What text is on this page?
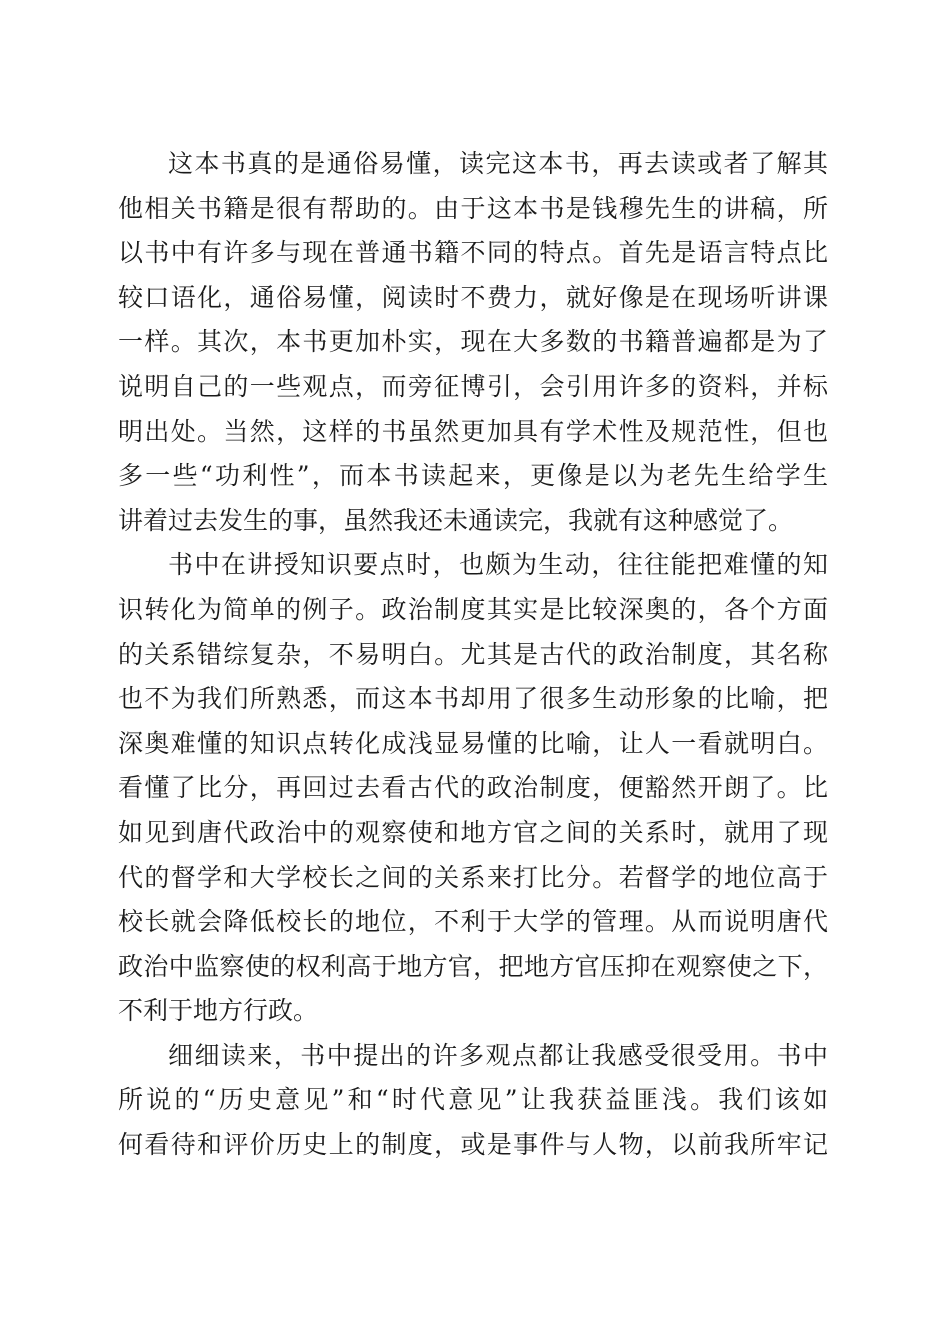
这本书真的是通俗易懂，读完这本书，再去读或者了解其
他相关书籍是很有帮助的。由于这本书是钱穆先生的讲稿，所
以书中有许多与现在普通书籍不同的特点。首先是语言特点比
较口语化，通俗易懂，阅读时不费力，就好像是在现场听讲课
一样。其次，本书更加朴实，现在大多数的书籍普遍都是为了
说明自己的一些观点，而旁征博引，会引用许多的资料，并标
明出处。当然，这样的书虽然更加具有学术性及规范性，但也
多一些“功利性”，而本书读起来，更像是以为老先生给学生
讲着过去发生的事，虽然我还未通读完，我就有这种感觉了。
书中在讲授知识要点时，也颇为生动，往往能把难懂的知
识转化为简单的例子。政治制度其实是比较深奥的，各个方面
的关系错综复杂，不易明白。尤其是古代的政治制度，其名称
也不为我们所熟悉，而这本书却用了很多生动形象的比喻，把
深奥难懂的知识点转化成浅显易懂的比喻，让人一看就明白。
看懂了比分，再回过去看古代的政治制度，便豁然开朗了。比
如见到唐代政治中的观察使和地方官之间的关系时，就用了现
代的督学和大学校长之间的关系来打比分。若督学的地位高于
校长就会降低校长的地位，不利于大学的管理。从而说明唐代
政治中监察使的权利高于地方官，把地方官压抑在观察使之下，
不利于地方行政。
细细读来，书中提出的许多观点都让我感受很受用。书中
所说的“历史意见”和“时代意见”让我获益匪浅。我们该如
何看待和评价历史上的制度，或是事件与人物，以前我所牢记
